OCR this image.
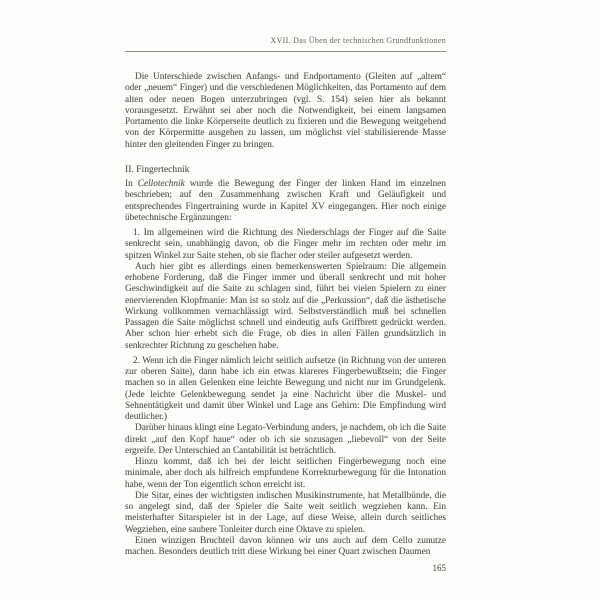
XVII. Das Üben der technischen Grundfunktionen

Die Unterschiede zwischen Anfangs- und Endportamento (Gleiten auf „altem“ oder „neuem“ Finger) und die verschiedenen Möglichkeiten, das Portamento auf dem alten oder neuen Bogen unterzubringen (vgl. S. 154) seien hier als bekannt vorausgesetzt. Erwähnt sei aber noch die Notwendigkeit, bei einem langsamen Portamento die linke Körperseite deutlich zu fixieren und die Bewegung weitgehend von der Körpermitte ausgehen zu lassen, um möglichst viel stabilisierende Masse hinter den gleitenden Finger zu bringen.

II. Fingertechnik

In Cellotechnik wurde die Bewegung der Finger der linken Hand im einzelnen beschrieben; auf den Zusammenhang zwischen Kraft und Geläufigkeit und entsprechendes Fingertraining wurde in Kapitel XV eingegangen. Hier noch einige übetechnische Ergänzungen:

1. Im allgemeinen wird die Richtung des Niederschlags der Finger auf die Saite senkrecht sein, unabhängig davon, ob die Finger mehr im rechten oder mehr im spitzen Winkel zur Saite stehen, ob sie flacher oder steiler aufgesetzt werden.

Auch hier gibt es allerdings einen bemerkenswerten Spielraum: Die allgemein erhobene Forderung, daß die Finger immer und überall senkrecht und mit hoher Geschwindigkeit auf die Saite zu schlagen sind, führt bei vielen Spielern zu einer enervierenden Klopfmanie: Man ist so stolz auf die „Perkussion“, daß die ästhetische Wirkung vollkommen vernachlässigt wird. Selbstverständlich muß bei schnellen Passagen die Saite möglichst schnell und eindeutig aufs Griffbrett gedrückt werden. Aber schon hier erhebt sich die Frage, ob dies in allen Fällen grundsätzlich in senkrechter Richtung zu geschehen habe.

2. Wenn ich die Finger nämlich leicht seitlich aufsetze (in Richtung von der unteren zur oberen Saite), dann habe ich ein etwas klareres Fingerbewußtsein; die Finger machen so in allen Gelenken eine leichte Bewegung und nicht nur im Grundgelenk. (Jede leichte Gelenkbewegung sendet ja eine Nachricht über die Muskel- und Sehnentätigkeit und damit über Winkel und Lage ans Gehirn: Die Empfindung wird deutlicher.)

Darüber hinaus klingt eine Legato-Verbindung anders, je nachdem, ob ich die Saite direkt „auf den Kopf haue“ oder ob ich sie sozusagen „liebevoll“ von der Seite ergreife. Der Unterschied an Cantabilität ist beträchtlich.

Hinzu kommt, daß ich bei der leicht seitlichen Fingerbewegung noch eine minimale, aber doch als hilfreich empfundene Korrekturbewegung für die Intonation habe, wenn der Ton eigentlich schon erreicht ist.

Die Sitar, eines der wichtigsten indischen Musikinstrumente, hat Metallbünde, die so angelegt sind, daß der Spieler die Saite weit seitlich wegziehen kann. Ein meisterhafter Sitarspieler ist in der Lage, auf diese Weise, allein durch seitliches Wegziehen, eine saubere Tonleiter durch eine Oktave zu spielen.

Einen winzigen Bruchteil davon können wir uns auch auf dem Cello zunutze machen. Besonders deutlich tritt diese Wirkung bei einer Quart zwischen Daumen

165
